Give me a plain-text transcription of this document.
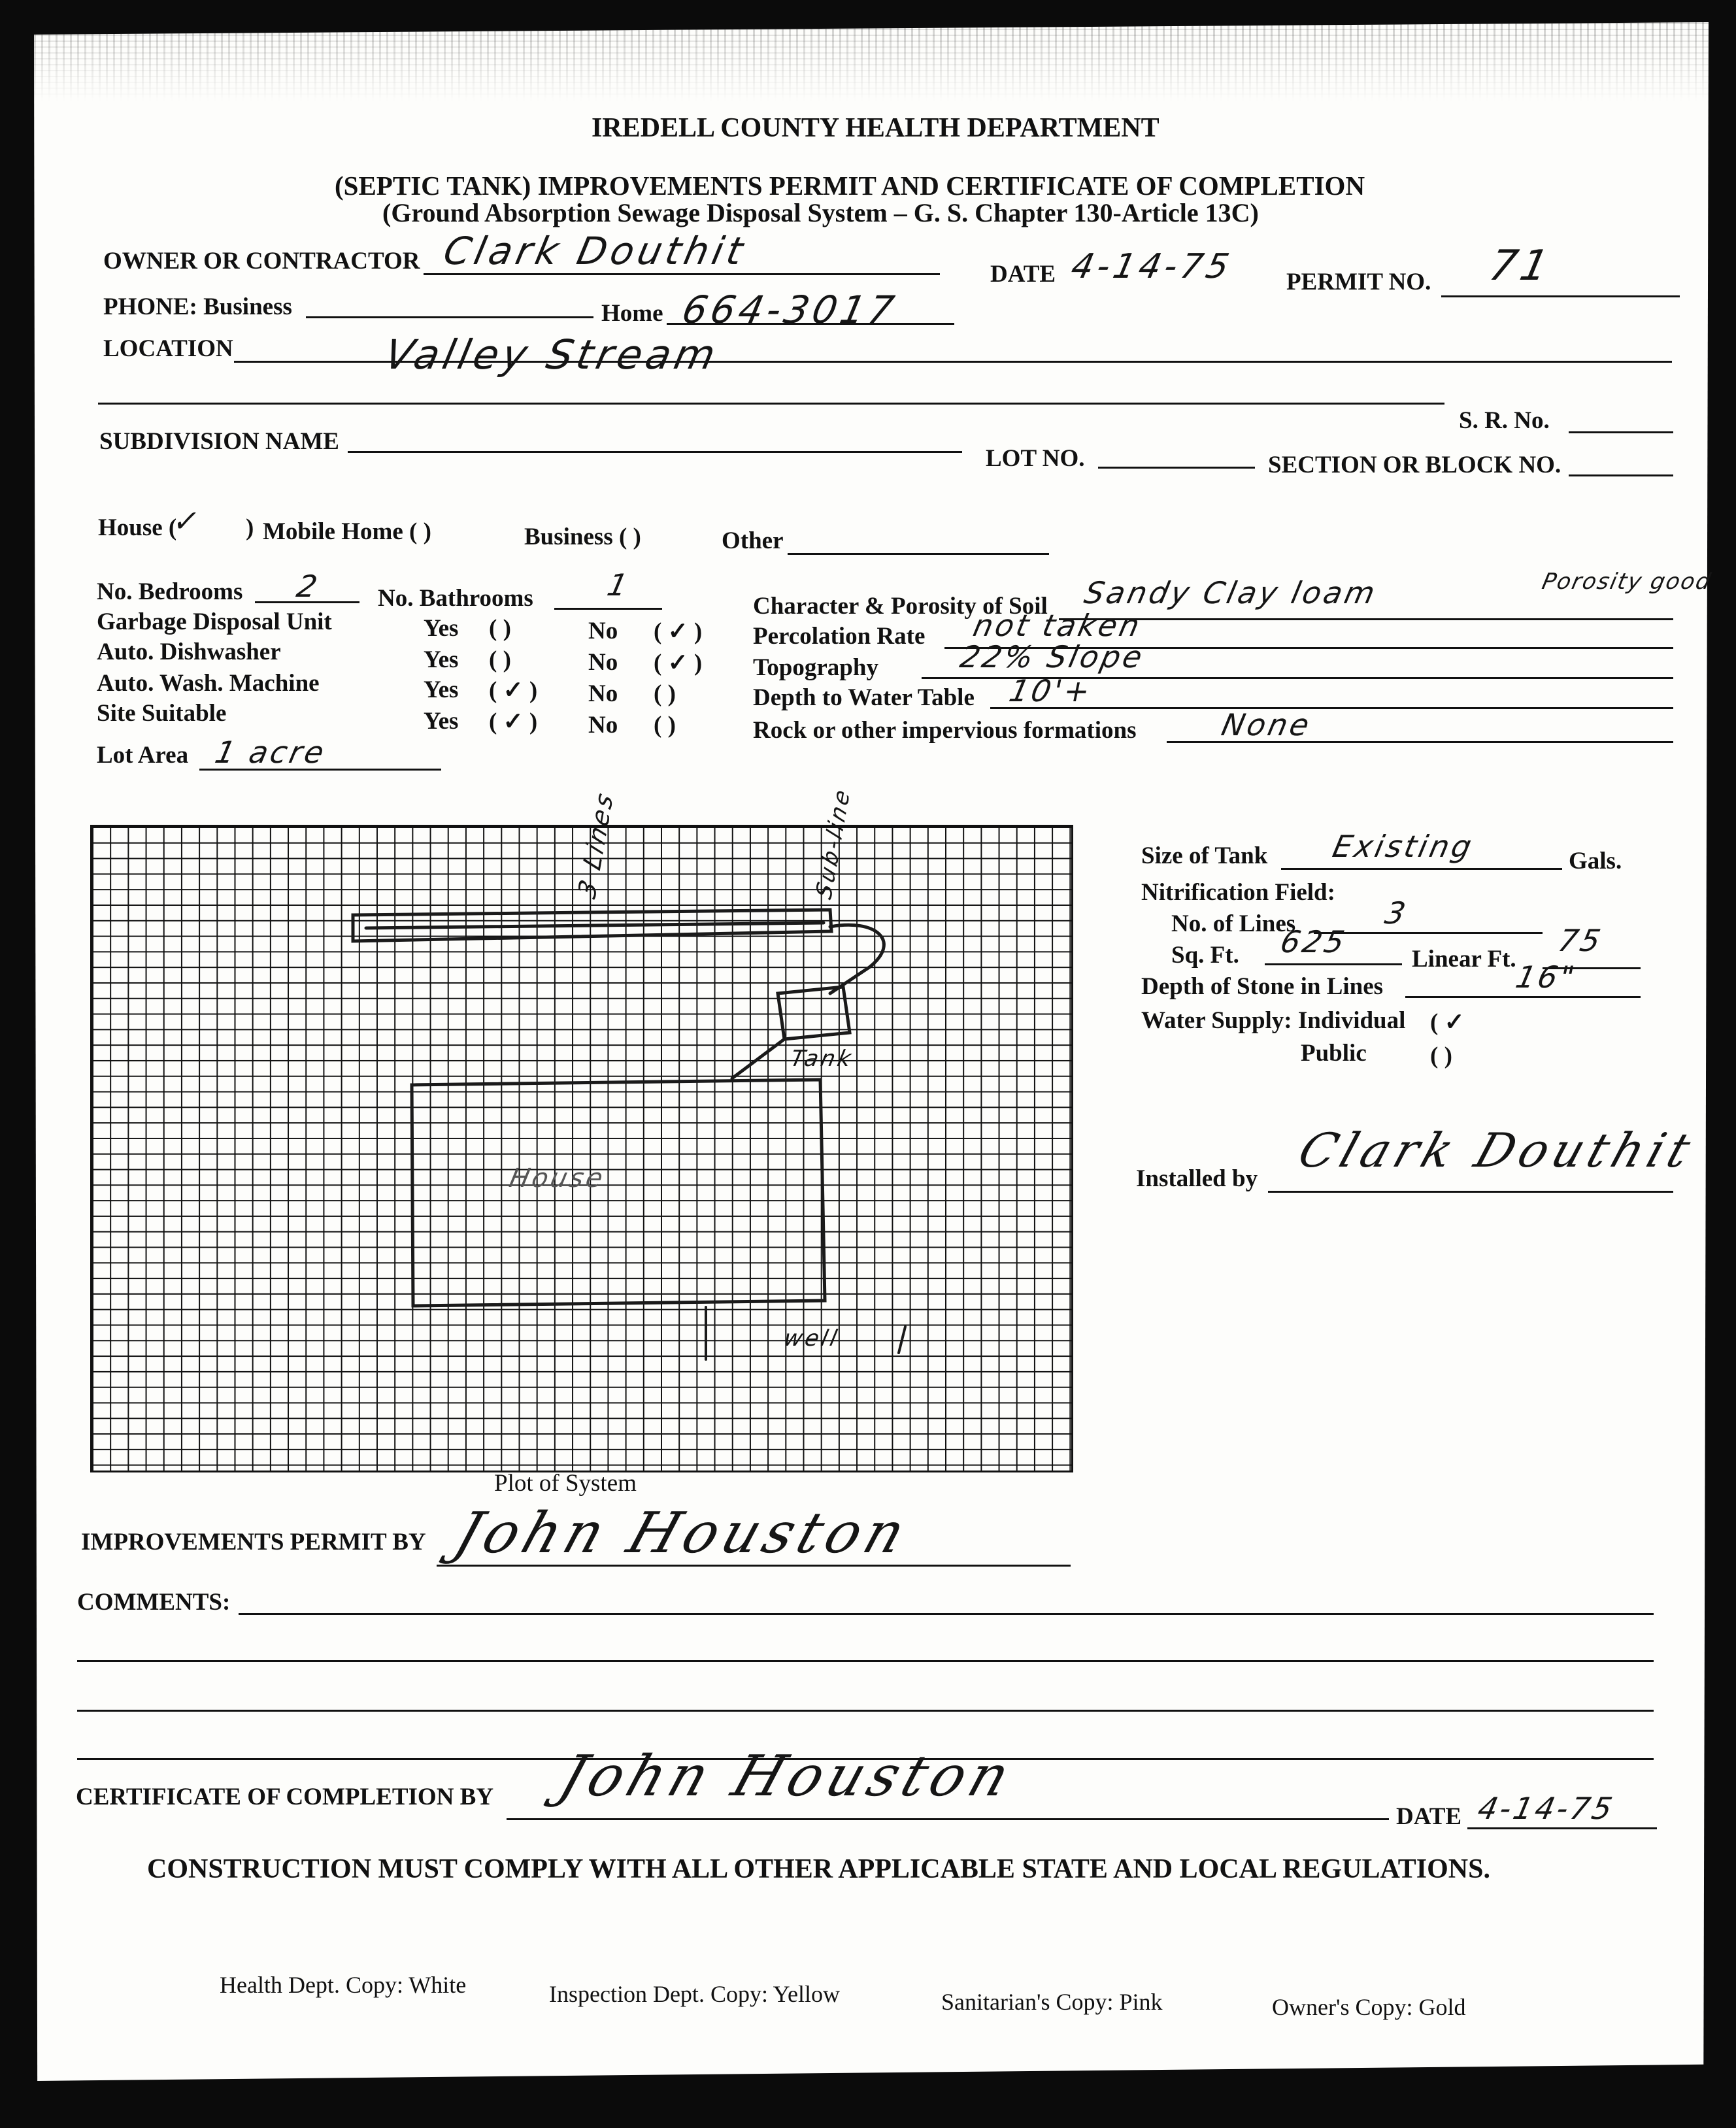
IREDELL COUNTY HEALTH DEPARTMENT
(SEPTIC TANK) IMPROVEMENTS PERMIT AND CERTIFICATE OF COMPLETION
(Ground Absorption Sewage Disposal System – G. S. Chapter 130-Article 13C)
OWNER OR CONTRACTOR Clark Douthit
DATE 4-14-75 PERMIT NO. 71
PHONE: Business	Home 664-3017
LOCATION	Valley Stream
S. R. No.
SUBDIVISION NAME
LOT NO.	SECTION OR BLOCK NO.
House (
✓ ) Mobile Home ( )	Business ( )	Other
No. Bedrooms 2 No. Bathrooms 1
Garbage Disposal Unit	Yes ( )	No ( ✓ )
Auto. Dishwasher	Yes ( )	No ( ✓ )
Auto. Wash. Machine	Yes ( ✓ ) No ( )
Site Suitable	Yes ( ✓ ) No ( )
Lot Area 1 acre
Character & Porosity of Soil Sandy Clay loam	Porosity good
Percolation Rate not taken
Topography	22% Slope
Depth to Water Table 10'+
Rock or other impervious formations	None
3 Lines
Tank
House
well
Sub-line
Plot of System
Size of Tank Existing	Gals.
Nitrification Field:
No. of Lines	3
Sq. Ft. 625	Linear Ft.
75
Depth of Stone in Lines	16"
Water Supply: Individual ( ✓
Public	( )
Installed by
Clark Douthit
IMPROVEMENTS PERMIT BY John Houston
COMMENTS:
CERTIFICATE OF COMPLETION BY John Houston
DATE 4-14-75
CONSTRUCTION MUST COMPLY WITH ALL OTHER APPLICABLE STATE AND LOCAL REGULATIONS.
Health Dept. Copy: White	Inspection Dept. Copy: Yellow	Sanitarian's Copy: Pink	Owner's Copy: Gold
